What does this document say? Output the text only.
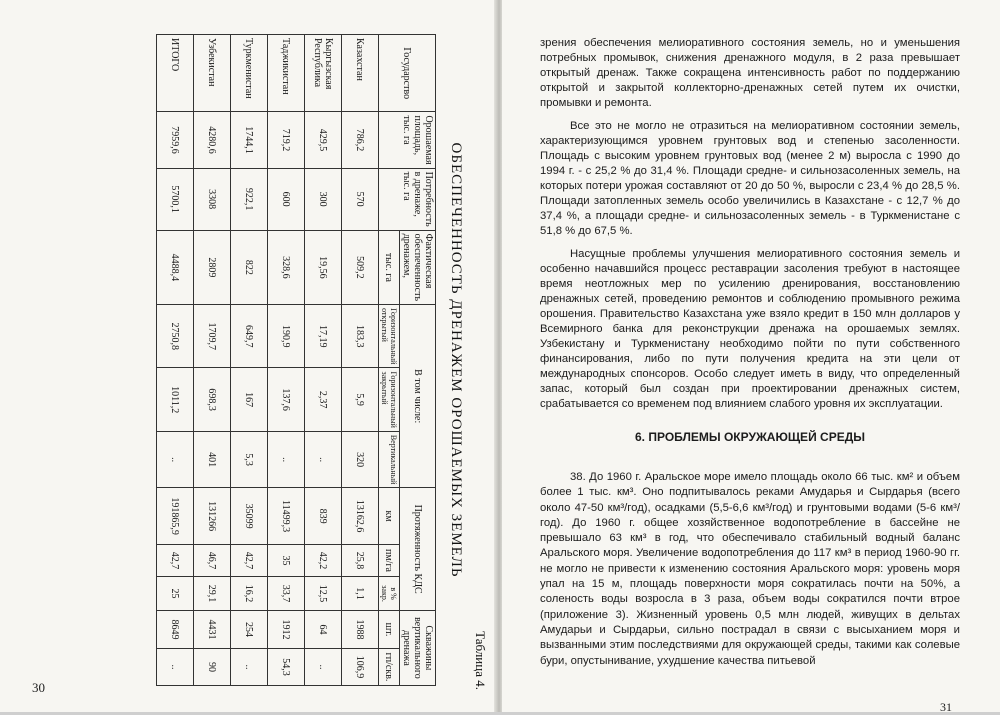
Таблица 4.
ОБЕСПЕЧЕННОСТЬ ДРЕНАЖЕМ ОРОШАЕМЫХ ЗЕМЕЛЬ
Государство	Орошаемая площадь, тыс. га	Потребность в дренаже, тыс. га	Фактическая обеспеченность дренажем,	В том числе:			Протяженность КДС			Скважины вертикального дренажа	
				Горизонтальный открытый	Горизонтальный закрытый	Вертикальный	км	пм/га	в % закр.	шт.	гп/скв.
			тыс. га								
Казахстан	786,2	570	509,2	183,3	5,9	320	13162,6	25,8	1,1	1988	106,9
Кыргызская Республика	429,5	300	19,56	17,19	2,37	..	839	42,2	12,5	64	..
Таджикистан	719,2	600	328,6	190,9	137,6	..	11499,3	35	33,7	1912	54,3
Туркменистан	1744,1	922,1	822	649,7	167	5,3	35099	42,7	16,2	254	..
Узбекистан	4280,6	3308	2809	1709,7	698,3	401	131266	46,7	29,1	4431	90
ИТОГО	7959,6	5700,1	4488,4	2750,8	1011,2	..	191865,9	42,7	25	8649	..
30

зрения обеспечения мелиоративного состояния земель, но и уменьшения потребных промывок, снижения дренажного модуля, в 2 раза превышает открытый дренаж. Также сокращена интенсивность работ по поддержанию открытой и закрытой коллекторно-дренажных сетей путем их очистки, промывки и ремонта.

Все это не могло не отразиться на мелиоративном состоянии земель, характеризующимся уровнем грунтовых вод и степенью засоленности. Площадь с высоким уровнем грунтовых вод (менее 2 м) выросла с 1990 до 1994 г. - с 25,2 % до 31,4 %. Площади средне- и сильнозасоленных земель, на которых потери урожая составляют от 20 до 50 %, выросли с 23,4 % до 28,5 %. Площади затопленных земель особо увеличились в Казахстане - с 12,7 % до 37,4 %, а площади средне- и сильнозасоленных земель - в Туркменистане с 51,8 % до 67,5 %.

Насущные проблемы улучшения мелиоративного состояния земель и особенно начавшийся процесс реставрации засоления требуют в настоящее время неотложных мер по усилению дренирования, восстановлению дренажных сетей, проведению ремонтов и соблюдению промывного режима орошения. Правительство Казахстана уже взяло кредит в 150 млн долларов у Всемирного банка для реконструкции дренажа на орошаемых землях. Узбекистану и Туркменистану необходимо пойти по пути собственного финансирования, либо по пути получения кредита на эти цели от международных спонсоров. Особо следует иметь в виду, что определенный запас, который был создан при проектировании дренажных систем, срабатывается со временем под влиянием слабого уровня их эксплуатации.

6. ПРОБЛЕМЫ ОКРУЖАЮЩЕЙ СРЕДЫ

38. До 1960 г. Аральское море имело площадь около 66 тыс. км² и объем более 1 тыс. км³. Оно подпитывалось реками Амударья и Сырдарья (всего около 47-50 км³/год), осадками (5,5-6,6 км³/год) и грунтовыми водами (5-6 км³/год). До 1960 г. общее хозяйственное водопотребление в бассейне не превышало 63 км³ в год, что обеспечивало стабильный водный баланс Аральского моря. Увеличение водопотребления до 117 км³ в период 1960-90 гг. не могло не привести к изменению состояния Аральского моря: уровень моря упал на 15 м, площадь поверхности моря сократилась почти на 50%, а соленость воды возросла в 3 раза, объем воды сократился почти втрое (приложение 3). Жизненный уровень 0,5 млн людей, живущих в дельтах Амударьи и Сырдарьи, сильно пострадал в связи с высыханием моря и вызванными этим последствиями для окружающей среды, такими как солевые бури, опустынивание, ухудшение качества питьевой

31
